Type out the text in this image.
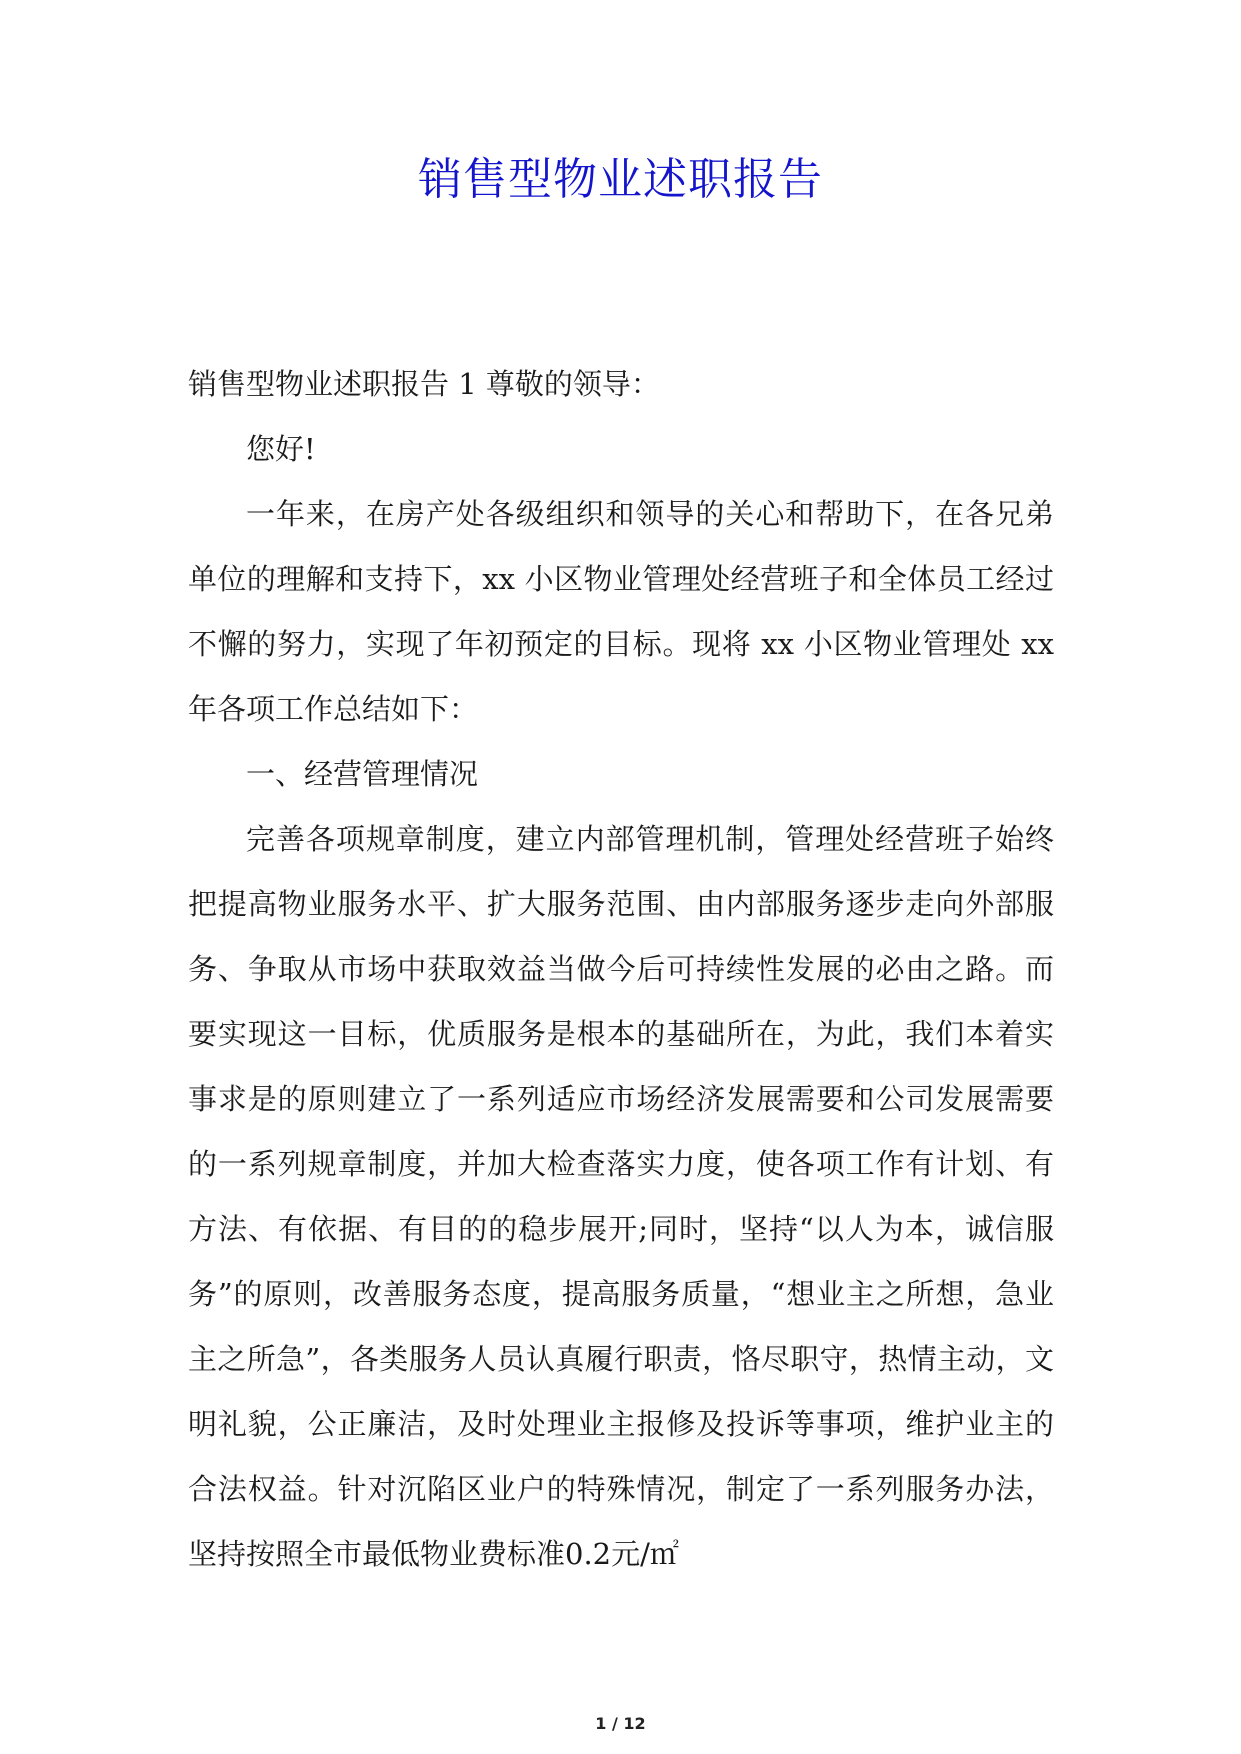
销售型物业述职报告

销售型物业述职报告 1 尊敬的领导：

您好!

一年来，在房产处各级组织和领导的关心和帮助下，在各兄弟单位的理解和支持下，xx 小区物业管理处经营班子和全体员工经过不懈的努力，实现了年初预定的目标。现将 xx 小区物业管理处 xx 年各项工作总结如下：

一、经营管理情况

完善各项规章制度，建立内部管理机制，管理处经营班子始终把提高物业服务水平、扩大服务范围、由内部服务逐步走向外部服务、争取从市场中获取效益当做今后可持续性发展的必由之路。而要实现这一目标，优质服务是根本的基础所在，为此，我们本着实事求是的原则建立了一系列适应市场经济发展需要和公司发展需要的一系列规章制度，并加大检查落实力度，使各项工作有计划、有方法、有依据、有目的的稳步展开;同时，坚持“以人为本，诚信服务”的原则，改善服务态度，提高服务质量，“想业主之所想，急业主之所急”，各类服务人员认真履行职责，恪尽职守，热情主动，文明礼貌，公正廉洁，及时处理业主报修及投诉等事项，维护业主的合法权益。针对沉陷区业户的特殊情况，制定了一系列服务办法，坚持按照全市最低物业费标准0.2元/㎡

1 / 12
